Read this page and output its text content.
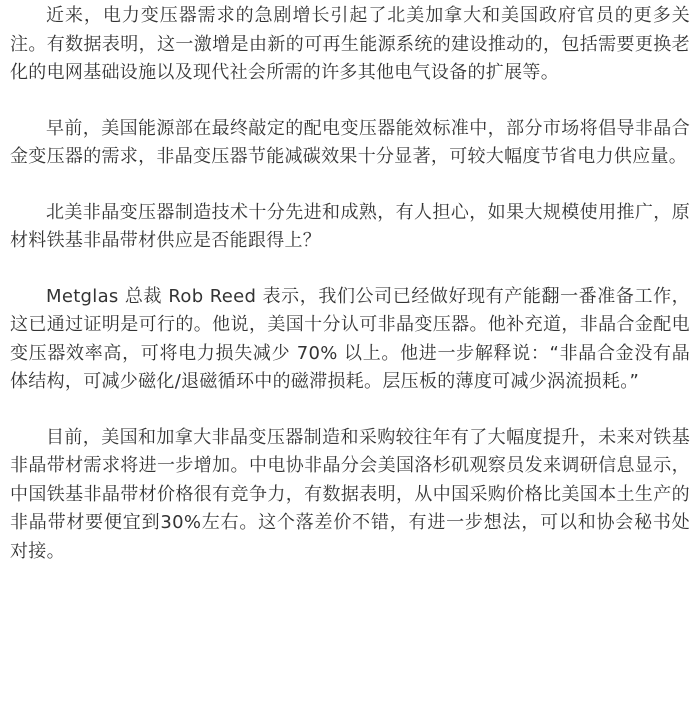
近来，电力变压器需求的急剧增长引起了北美加拿大和美国政府官员的更多关注。有数据表明，这一激增是由新的可再生能源系统的建设推动的，包括需要更换老化的电网基础设施以及现代社会所需的许多其他电气设备的扩展等。

早前，美国能源部在最终敲定的配电变压器能效标准中，部分市场将倡导非晶合金变压器的需求，非晶变压器节能减碳效果十分显著，可较大幅度节省电力供应量。

北美非晶变压器制造技术十分先进和成熟，有人担心，如果大规模使用推广，原材料铁基非晶带材供应是否能跟得上？

Metglas 总裁 Rob Reed 表示，我们公司已经做好现有产能翻一番准备工作，这已通过证明是可行的。他说，美国十分认可非晶变压器。他补充道，非晶合金配电变压器效率高，可将电力损失减少 70% 以上。他进一步解释说：“非晶合金没有晶体结构，可减少磁化/退磁循环中的磁滞损耗。层压板的薄度可减少涡流损耗。”

目前，美国和加拿大非晶变压器制造和采购较往年有了大幅度提升，未来对铁基非晶带材需求将进一步增加。中电协非晶分会美国洛杉矶观察员发来调研信息显示，中国铁基非晶带材价格很有竞争力，有数据表明，从中国采购价格比美国本土生产的非晶带材要便宜到30%左右。这个落差价不错，有进一步想法，可以和协会秘书处对接。
